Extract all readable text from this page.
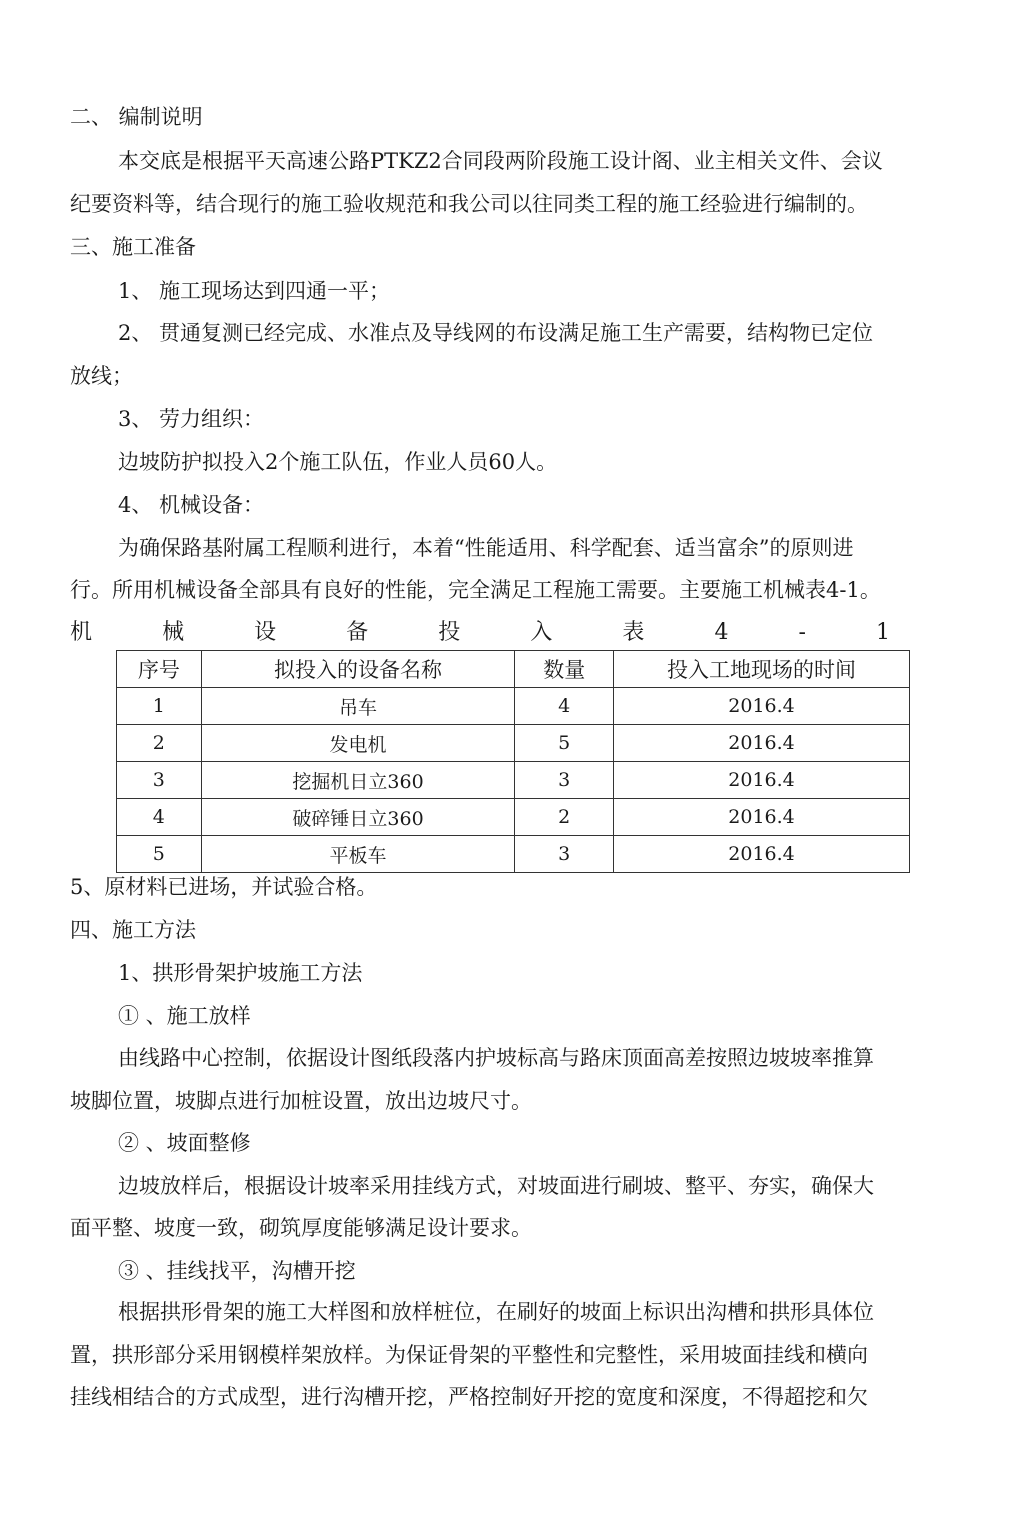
二、 编制说明
本交底是根据平天高速公路PTKZ2合同段两阶段施工设计阁、业主相关文件、会议
纪要资料等，结合现行的施工验收规范和我公司以往同类工程的施工经验进行编制的。
三、施工准备
1、 施工现场达到四通一平；
2、 贯通复测已经完成、水准点及导线网的布设满足施工生产需要，结构物已定位
放线；
3、 劳力组织：
边坡防护拟投入2个施工队伍，作业人员60人。
4、 机械设备：
为确保路基附属工程顺利进行，本着“性能适用、科学配套、适当富余”的原则进
行。所用机械设备全部具有良好的性能，完全满足工程施工需要。主要施工机械表4-1。
机	械	设	备	投	入	表	4	-	1
序号	拟投入的设备名称	数量	投入工地现场的时间
1	吊车	4	2016.4
2	发电机	5	2016.4
3	挖掘机日立360	3	2016.4
4	破碎锤日立360	2	2016.4
5	平板车	3	2016.4
5、原材料已进场，并试验合格。
四、施工方法
1、拱形骨架护坡施工方法
① 、施工放样
由线路中心控制，依据设计图纸段落内护坡标高与路床顶面高差按照边坡坡率推算
坡脚位置，坡脚点进行加桩设置，放出边坡尺寸。
② 、坡面整修
边坡放样后，根据设计坡率采用挂线方式，对坡面进行刷坡、整平、夯实，确保大
面平整、坡度一致，砌筑厚度能够满足设计要求。
③ 、挂线找平，沟槽开挖
根据拱形骨架的施工大样图和放样桩位，在刷好的坡面上标识出沟槽和拱形具体位
置，拱形部分采用钢模样架放样。为保证骨架的平整性和完整性，采用坡面挂线和横向
挂线相结合的方式成型，进行沟槽开挖，严格控制好开挖的宽度和深度，不得超挖和欠
